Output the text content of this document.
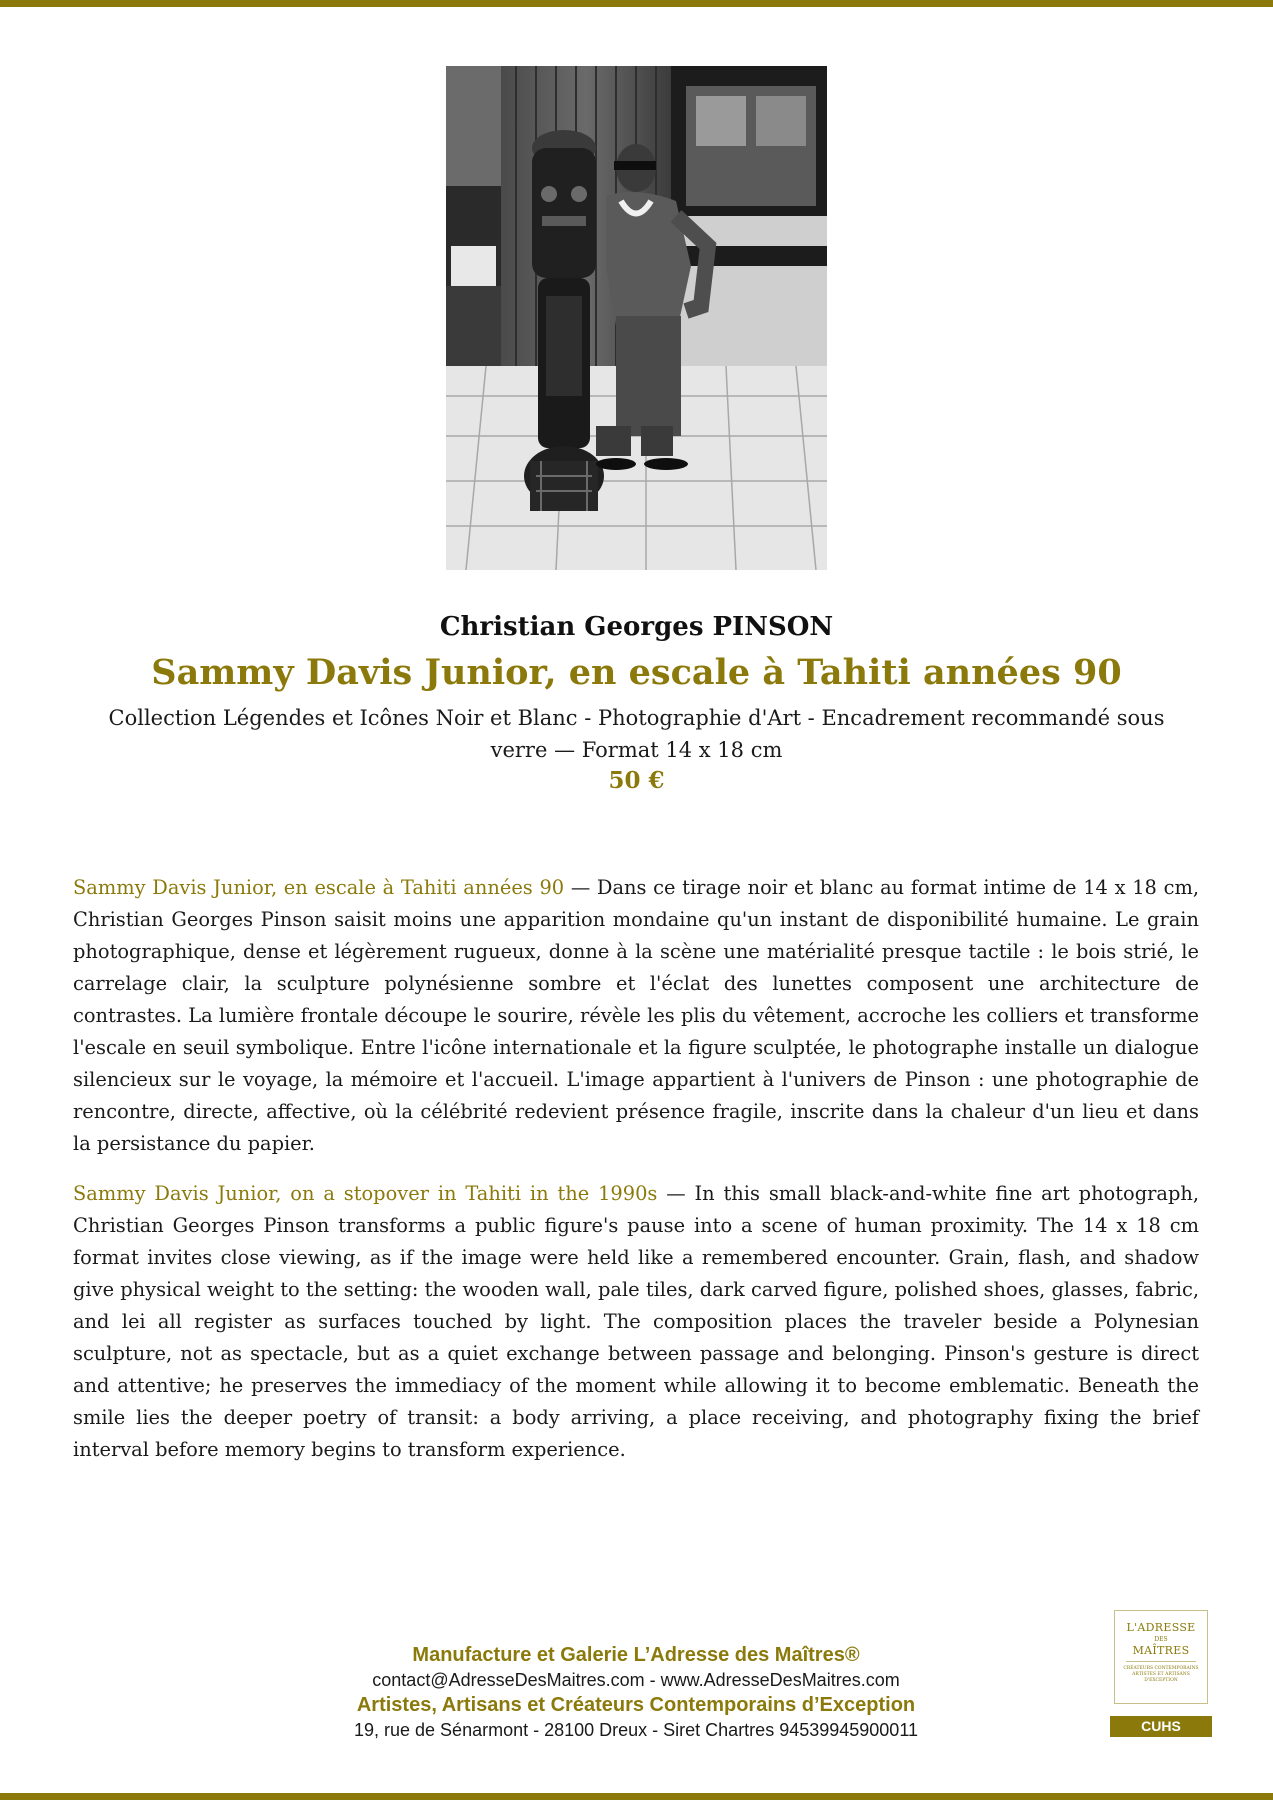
Christian Georges PINSON
Sammy Davis Junior, en escale à Tahiti années 90
Collection Légendes et Icônes Noir et Blanc - Photographie d'Art - Encadrement recommandé sous verre — Format 14 x 18 cm
50 €

Sammy Davis Junior, en escale à Tahiti années 90 — Dans ce tirage noir et blanc au format intime de 14 x 18 cm, Christian Georges Pinson saisit moins une apparition mondaine qu'un instant de disponibilité humaine. Le grain photographique, dense et légèrement rugueux, donne à la scène une matérialité presque tactile : le bois strié, le carrelage clair, la sculpture polynésienne sombre et l'éclat des lunettes composent une architecture de contrastes. La lumière frontale découpe le sourire, révèle les plis du vêtement, accroche les colliers et transforme l'escale en seuil symbolique. Entre l'icône internationale et la figure sculptée, le photographe installe un dialogue silencieux sur le voyage, la mémoire et l'accueil. L'image appartient à l'univers de Pinson : une photographie de rencontre, directe, affective, où la célébrité redevient présence fragile, inscrite dans la chaleur d'un lieu et dans la persistance du papier.

Sammy Davis Junior, on a stopover in Tahiti in the 1990s — In this small black-and-white fine art photograph, Christian Georges Pinson transforms a public figure's pause into a scene of human proximity. The 14 x 18 cm format invites close viewing, as if the image were held like a remembered encounter. Grain, flash, and shadow give physical weight to the setting: the wooden wall, pale tiles, dark carved figure, polished shoes, glasses, fabric, and lei all register as surfaces touched by light. The composition places the traveler beside a Polynesian sculpture, not as spectacle, but as a quiet exchange between passage and belonging. Pinson's gesture is direct and attentive; he preserves the immediacy of the moment while allowing it to become emblematic. Beneath the smile lies the deeper poetry of transit: a body arriving, a place receiving, and photography fixing the brief interval before memory begins to transform experience.

Manufacture et Galerie L’Adresse des Maîtres®
contact@AdresseDesMaitres.com - www.AdresseDesMaitres.com
Artistes, Artisans et Créateurs Contemporains d’Exception
19, rue de Sénarmont - 28100 Dreux - Siret Chartres 94539945900011
L'ADRESSE
DES
MAÎTRES
CRÉATEURS CONTEMPORAINS ARTISTES ET ARTISANS D'EXCEPTION
CUHS
